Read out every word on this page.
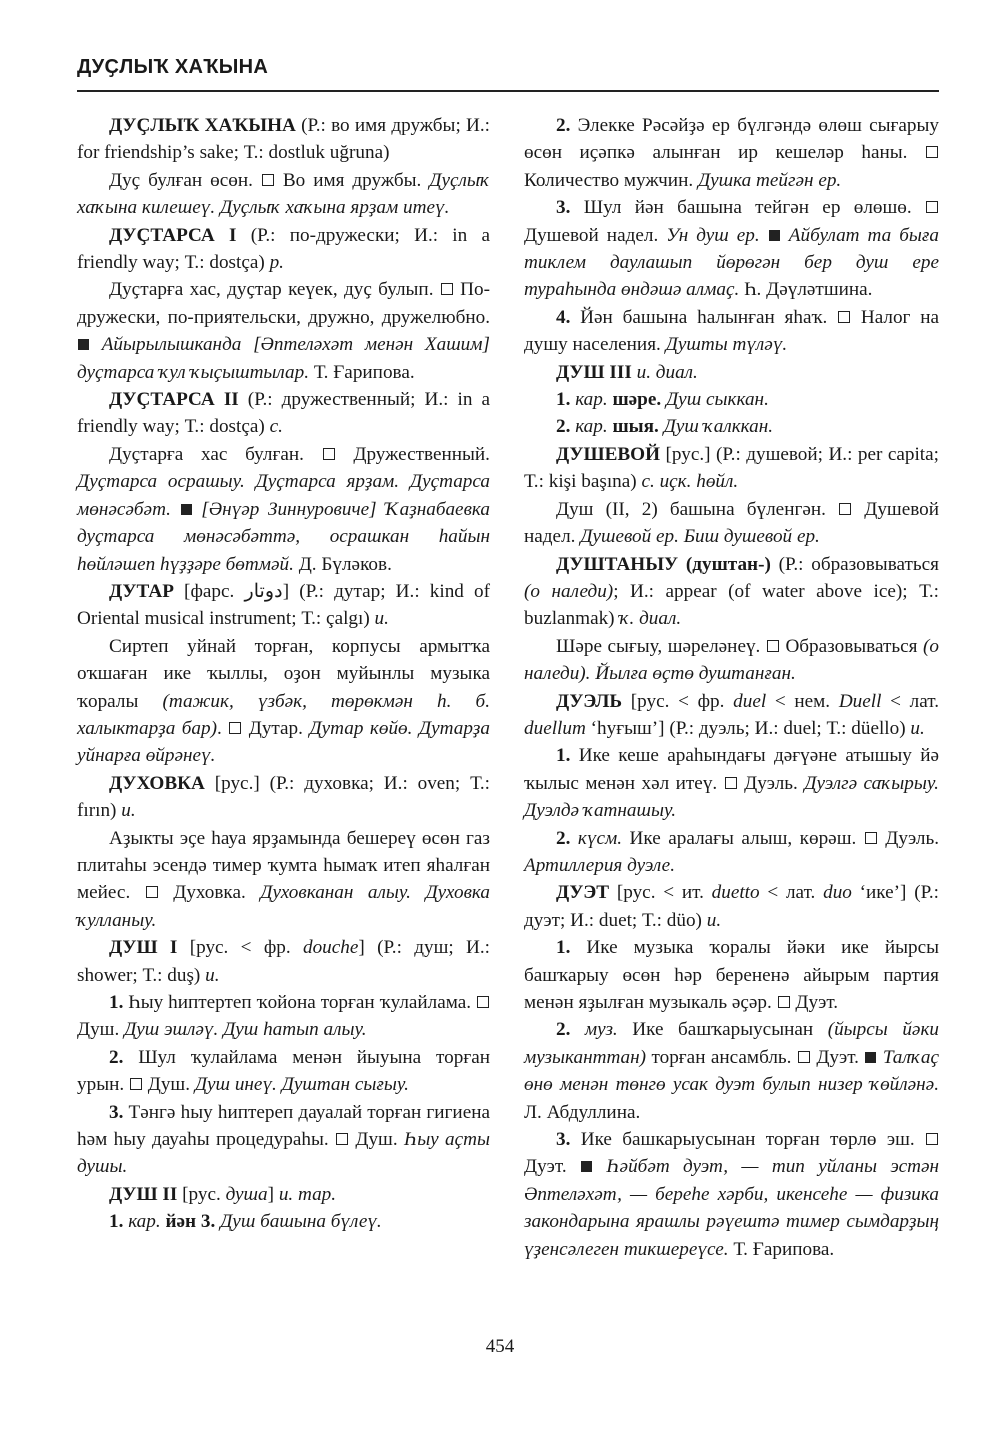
ДУҪЛЫҠ ХАҠЫНА

ДУҪЛЫҠ ХАҠЫНА (Р.: во имя дружбы; И.: for friendship’s sake; Т.: dostluk uğruna)

Дуҫ булған өсөн.  Во имя дружбы. Дуҫлыҡ хаҡына килешеү. Дуҫлыҡ хаҡына ярҙам итеү.

ДУҪТАРСА I (Р.: по-дружески; И.: in a friendly way; Т.: dostça) р.

Дуҫтарға хас, дуҫтар кеүек, дуҫ булып.  По-дружески, по-приятельски, дружно, дружелюбно.  Айырылышканда [Әптеләхәт менән Хашим] дуҫтарса ҡул ҡыҫыштылар. Т. Ғарипова.

ДУҪТАРСА II (Р.: дружественный; И.: in a friendly way; Т.: dostça) с.

Дуҫтарға хас булған.  Дружественный. Дуҫтарса осрашыу. Дуҫтарса ярҙам. Дуҫтарса мөнәсәбәт.  [Әнүәр Зиннуровиче] Ҡаҙнабаевка дуҫтарса мөнәсәбәттә, осрашкан һайын һөйләшеп һүҙҙәре бөтмәй. Д. Бүләков.

ДУТАР [фарс. دوتار] (Р.: дутар; И.: kind of Oriental musical instrument; Т.: çalgı) и.

Сиртеп уйнай торған, корпусы армытҡа оҡшаған ике ҡыллы, оҙон муйынлы музыка ҡоралы (тажик, үзбәк, төрөкмән һ. б. халыктарҙа бар).  Дутар. Дутар көйө. Дутарҙа уйнарға өйрәнеү.

ДУХОВКА [рус.] (Р.: духовка; И.: oven; Т.: fırın) и.

Аҙыкты эҫе һауа ярҙамында бешереү өсөн газ плитаһы эсендә тимер ҡумта һымаҡ итеп яһалған мейес.  Духовка. Духовканан алыу. Духовка ҡулланыу.

ДУШ I [рус. < фр. douche] (Р.: душ; И.: shower; Т.: duş) и.

1. Һыу һиптертеп ҡойона торған ҡулайлама.  Душ. Душ эшләү. Душ һатып алыу.

2. Шул ҡулайлама менән йыуына торған урын.  Душ. Душ инеү. Душтан сығыу.

3. Тәнгә һыу һиптереп дауалай торған гигиена һәм һыу дауаһы процедураһы.  Душ. Һыу аҫты душы.

ДУШ II [рус. душа] и. тар.

1. кар. йән 3. Душ башына бүлеү.

2. Элекке Рәсәйҙә ер бүлгәндә өлөш сығарыу өсөн иҫәпкә алынған ир кешеләр һаны.  Количество мужчин. Душка тейгән ер.

3. Шул йән башына тейгән ер өлөшө.  Душевой надел. Ун душ ер.  Айбулат та быға тиклем даулашып йөрөгән бер душ ере тураһында өндәшә алмаҫ. Һ. Дәүләтшина.

4. Йән башына һалынған яһаҡ.  Налог на душу населения. Душты түләү.

ДУШ III и. диал.

1. кар. шәре. Душ сыккан.

2. кар. шыя. Душ ҡалккан.

ДУШЕВОЙ [рус.] (Р.: душевой; И.: per capita; Т.: kişi başına) с. иҫк. һөйл.

Душ (II, 2) башына бүленгән.  Душевой надел. Душевой ер. Биш душевой ер.

ДУШТАНЫУ (душтан-) (Р.: образовываться (о наледи); И.: appear (of water above ice); Т.: buzlanmak) ҡ. диал.

Шәре сығыу, шәреләнеү.  Образовываться (о наледи). Йылға өҫтө душтанған.

ДУЭЛЬ [рус. < фр. duel < нем. Duell < лат. duellum ‘һуғыш’] (Р.: дуэль; И.: duel; Т.: düello) и.

1. Ике кеше араһындағы дәғүәне атышыу йә ҡылыс менән хәл итеү.  Дуэль. Дуэлгә саҡырыу. Дуэлдә ҡатнашыу.

2. күсм. Ике аралағы алыш, көрәш.  Дуэль. Артиллерия дуэле.

ДУЭТ [рус. < ит. duetto < лат. duo ‘ике’] (Р.: дуэт; И.: duet; Т.: düo) и.

1. Ике музыка ҡоралы йәки ике йырсы башҡарыу өсөн һәр берененә айырым партия менән яҙылған музыкаль әҫәр.  Дуэт.

2. муз. Ике башҡарыусынан (йырсы йәки музыканттан) торған ансамбль.  Дуэт.  Талҡаҫ өнө менән төнгө усак дуэт булып низер ҡөйләнә. Л. Абдуллина.

3. Ике башкарыусынан торған төрлө эш.  Дуэт.  Һәйбәт дуэт, — тип уйланы эстән Әптеләхәт, — береһе хәрби, икенсеһе — физика закондарына ярашлы рәүештә тимер сымдарҙың үҙенсәлеген тикшереүсе. Т. Ғарипова.

454
